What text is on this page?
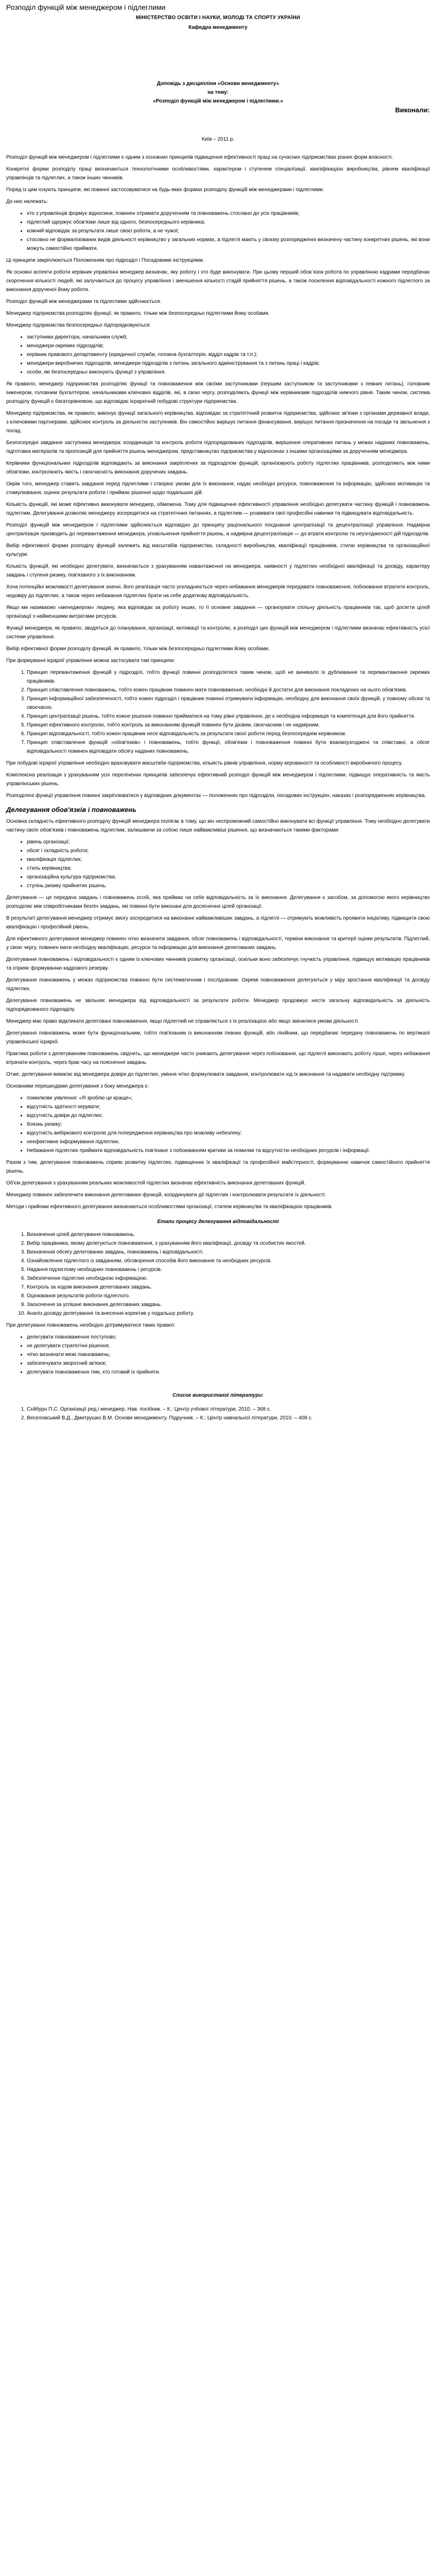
Розподіл функцій між менеджером і підлеглими
МІНІСТЕРСТВО ОСВІТИ І НАУКИ, МОЛОДІ ТА СПОРТУ УКРАЇНИ
Кафедра менеджменту
Доповідь з дисципліни «Основи менеджменту»
на тему:
«Розподіл функцій між менеджером і підлеглими.»
Виконали:
Київ – 2011 р.

Розподіл функцій між менеджером і підлеглими є одним з основних принципів підвищення ефективності праці на сучасних підприємствах різних форм власності.

Конкретні форми розподілу праці визначаються технологічними особливостями, характером і ступенем спеціалізації, кваліфікацією виробництва, рівнем кваліфікації управлінців та підлеглих, а також інших чинників.

Поряд із цим існують принципи, які повинні застосовуватися на будь-яких формах розподілу функцій між менеджерами і підлеглими.

До них належать:

• хто з управлінців формує відносини, повинен отримати дорученням та повноважень стосовно до усіх працівників;
• підлеглий одержує обов'язки лише від одного, безпосереднього керівника;
• кожний відповідає за результати лише своєї роботи, а не чужої;
• стосовно не формалізованих видів діяльності керівництво у загальних нормах, а підлеглі мають у своєму розпорядженні визначену частину конкретних рішень, які вони можуть самостійно приймати.

Ці принципи закріплюються Положенням про підрозділ і Посадовими інструкціями.

Як основні аспекти роботи керівник управлінні менеджер визначає, яку роботу і хто буде виконувати. При цьому перший обов`язок робота по управлінню кадрами передбачає скорочення кількості людей, які залучаються до процесу управління і зменшення кількості стадій прийняття рішень, а також посилення відповідальності кожного підлеглого за виконання дорученої йому роботи.

Розподіл функцій між менеджерами та підлеглими здійснюється.

Менеджер підприємства розподіляє функції, як правило, тільки між безпосередньо підлеглими йому особами.

Менеджер підприємства безпосередньо підпорядковуються:

• заступники директора, начальники служб;
• менеджери окремих підрозділів;
• керівник правового департаменту (юридичної служби, головна бухгалтерія, відділ кадрів та т.п.);
• менеджери виробничих підрозділів, менеджери підрозділів з питань загального адміністрування та з питань праці і кадрів;
• особи, які безпосередньо виконують функції з управління.

Як правило, менеджер підприємства розподіляє функції та повноваження між своїми заступниками (першим заступником та заступниками з певних питань), головним інженером, головним бухгалтером, начальниками ключових відділів, які, в свою чергу, розподіляють функції між керівниками підрозділів нижчого рівня. Таким чином, система розподілу функцій є багаторівневою, що відповідає ієрархічній побудові структури підприємства.

Менеджер підприємства, як правило, виконує функції загального керівництва, відповідає за стратегічний розвиток підприємства, здійснює зв'язки з органами державної влади, з ключовими партнерами, здійснює контроль за діяльністю заступників. Він самостійно вирішує питання фінансування, вирішує питання призначення на посади та звільнення з посад.

Безпосередні завдання заступника менеджера: координація та контроль роботи підпорядкованих підрозділів, вирішення оперативних питань у межах наданих повноважень, підготовка матеріалів та пропозицій для прийняття рішень менеджером, представництво підприємства у відносинах з іншими організаціями за дорученням менеджера.

Керівники функціональних підрозділів відповідають за виконання закріплених за підрозділом функцій, організовують роботу підлеглих працівників, розподіляють між ними обов'язки, контролюють якість і своєчасність виконання доручених завдань.

Окрім того, менеджер ставить завдання перед підлеглими і створює умови для їх виконання, надає необхідні ресурси, повноваження та інформацію, здійснює мотивацію та стимулювання, оцінює результати роботи і приймає рішення щодо подальших дій.

Кількість функцій, які може ефективно виконувати менеджер, обмежена. Тому для підвищення ефективності управління необхідно делегувати частину функцій і повноважень підлеглим. Делегування дозволяє менеджеру зосередитися на стратегічних питаннях, а підлеглим — розвивати свої професійні навички та підвищувати відповідальність.

Розподіл функцій між менеджером і підлеглими здійснюється відповідно до принципу раціонального поєднання централізації та децентралізації управління. Надмірна централізація призводить до перевантаження менеджера, уповільнення прийняття рішень, а надмірна децентралізація — до втрати контролю та неузгодженості дій підрозділів.

Вибір ефективної форми розподілу функцій залежить від масштабів підприємства, складності виробництва, кваліфікації працівників, стилю керівництва та організаційної культури.

Кількість функцій, які необхідно делегувати, визначається з урахуванням навантаження на менеджера, наявності у підлеглих необхідної кваліфікації та досвіду, характеру завдань і ступеня ризику, пов'язаного з їх виконанням.

Хоча потенційні можливості делегування значні, його реалізація часто ускладнюється через небажання менеджерів передавати повноваження, побоювання втратити контроль, недовіру до підлеглих, а також через небажання підлеглих брати на себе додаткову відповідальність.

Якщо ми називаємо «менеджером» людину, яка відповідає за роботу інших, то її основне завдання — організувати спільну діяльність працівників так, щоб досягти цілей організації з найменшими витратами ресурсів.

Функції менеджера, як правило, зводяться до планування, організації, мотивації та контролю, а розподіл цих функцій між менеджером і підлеглими визначає ефективність усієї системи управління.

Вибір ефективної форми розподілу функцій, як правило, тільки між безпосередньо підлеглими йому особами.

При формуванні ієрархії управління можна застосувати такі принципи:

1. Принцип перевантаження функцій у підрозділі, тобто функції повинні розподілятися таким чином, щоб не виникало їх дублювання та перевантаження окремих працівників.
2. Принцип співставлення повноважень, тобто кожен працівник повинен мати повноваження, необхідні й достатні для виконання покладених на нього обов'язків.
3. Принцип інформаційної забезпеченості, тобто кожен підрозділ і працівник повинні отримувати інформацію, необхідну для виконання своїх функцій, у повному обсязі та своєчасно.
4. Принцип централізації рішень, тобто кожне рішення повинно прийматися на тому рівні управління, де є необхідна інформація та компетенція для його прийняття.
5. Принцип ефективного контролю, тобто контроль за виконанням функцій повинен бути дієвим, своєчасним і не надмірним.
6. Принцип відповідальності, тобто кожен працівник несе відповідальність за результати своєї роботи перед безпосереднім керівником.
7. Принцип співставлення функцій «обов'язків» і повноважень, тобто функції, обов'язки і повноваження повинні бути взаємоузгоджені та співставні, а обсяг відповідальності повинен відповідати обсягу наданих повноважень.

При побудові ієрархії управління необхідно враховувати масштаби підприємства, кількість рівнів управління, норму керованості та особливості виробничого процесу.

Комплексна реалізація з урахуванням усіх перелічених принципів забезпечує ефективний розподіл функцій між менеджером і підлеглими, підвищує оперативність та якість управлінських рішень.

Розподілені функції управління повинні закріплюватися у відповідних документах — положеннях про підрозділи, посадових інструкціях, наказах і розпорядженнях керівництва.

Делегування обов'язків і повноважень

Основна складність ефективного розподілу функцій менеджера полягає в тому, що він неспроможний самостійно виконувати всі функції управління. Тому необхідно делегувати частину своїх обов'язків і повноважень підлеглим, залишаючи за собою лише найважливіші рішення, що визначаються такими факторами:

• рівень організації;
• обсяг і складність роботи;
• кваліфікація підлеглих;
• стиль керівництва;
• організаційна культура підприємства;
• ступінь ризику прийнятих рішень.

Делегування — це передача завдань і повноважень особі, яка приймає на себе відповідальність за їх виконання. Делегування є засобом, за допомогою якого керівництво розподіляє між співробітниками безліч завдань, які повинні бути виконані для досягнення цілей організації.

В результаті делегування менеджер отримує змогу зосередитися на виконанні найважливіших завдань, а підлеглі — отримують можливість проявити ініціативу, підвищити свою кваліфікацію і професійний рівень.

Для ефективного делегування менеджер повинен чітко визначити завдання, обсяг повноважень і відповідальності, терміни виконання та критерії оцінки результатів. Підлеглий, у свою чергу, повинен мати необхідну кваліфікацію, ресурси та інформацію для виконання делегованих завдань.

Делегування повноважень і відповідальності є одним із ключових чинників розвитку організації, оскільки воно забезпечує гнучкість управління, підвищує мотивацію працівників та сприяє формуванню кадрового резерву.

Делегування повноважень у межах підприємства повинно бути систематичним і послідовним. Окремі повноваження делегуються у міру зростання кваліфікації та досвіду підлеглих.

Делегування повноважень не звільняє менеджера від відповідальності за результати роботи. Менеджер продовжує нести загальну відповідальність за діяльність підпорядкованого підрозділу.

Менеджер має право відкликати делеговані повноваження, якщо підлеглий не справляється з їх реалізацією або якщо змінилися умови діяльності.

Делегування повноважень може бути функціональним, тобто пов'язаним із виконанням певних функцій, або лінійним, що передбачає передачу повноважень по вертикалі управлінської ієрархії.

Практика роботи з делегуванням повноважень свідчить, що менеджери часто уникають делегування через побоювання, що підлеглі виконають роботу гірше, через небажання втрачати контроль, через брак часу на пояснення завдань.

Отже, делегування вимагає від менеджера довіри до підлеглих, уміння чітко формулювати завдання, контролювати хід їх виконання та надавати необхідну підтримку.

Основними перешкодами делегування з боку менеджера є:

• помилкове уявлення: «Я зроблю це краще»;
• відсутність здатності керувати;
• відсутність довіри до підлеглих;
• боязнь ризику;
• відсутність вибіркового контролю для попередження керівництва про можливу небезпеку;
• неефективне інформування підлеглих.
• Небажання підлеглих приймати відповідальність пов'язане з побоюванням критики за помилки та відсутністю необхідних ресурсів і інформації.

Разом з тим, делегування повноважень сприяє розвитку підлеглих, підвищенню їх кваліфікації та професійної майстерності, формуванню навичок самостійного прийняття рішень.

Об'єм делегування з урахуванням реальних можливостей підлеглих визначає ефективність виконання делегованих функцій.

Менеджер повинен забезпечити виконання делегованих функцій, координувати дії підлеглих і контролювати результати їх діяльності.

Методи і прийоми ефективного делегування визначаються особливостями організації, стилем керівництва та кваліфікацією працівників.

Етапи процесу делегування відповідальності
1. Визначення цілей делегування повноважень.
2. Вибір працівника, якому делегуються повноваження, з урахуванням його кваліфікації, досвіду та особистих якостей.
3. Визначення обсягу делегованих завдань, повноважень і відповідальності.
4. Ознайомлення підлеглого із завданням, обговорення способів його виконання та необхідних ресурсів.
5. Надання підлеглому необхідних повноважень і ресурсів.
6. Забезпечення підлеглих необхідною інформацією.
7. Контроль за ходом виконання делегованих завдань.
8. Оцінювання результатів роботи підлеглого.
9. Заохочення за успішне виконання делегованих завдань.
10. Аналіз досвіду делегування та внесення коректив у подальшу роботу.

При делегуванні повноважень необхідно дотримуватися таких правил:

• делегувати повноваження поступово;
• не делегувати стратегічні рішення;
• чітко визначати межі повноважень;
• забезпечувати зворотний зв'язок;
• делегувати повноваження тим, хто готовий їх прийняти.
Список використаної літератури:
1. Сєйбурн П.С. Організації ред.і менеджер. Нав. посібник. – К.: Центр учбової літератури, 2010. – 368 с.
2. Веселовський В.Д., Дмитрушко В.М. Основи менеджменту. Підручник. – К.: Центр навчальної літератури, 2010. – 408 с.
